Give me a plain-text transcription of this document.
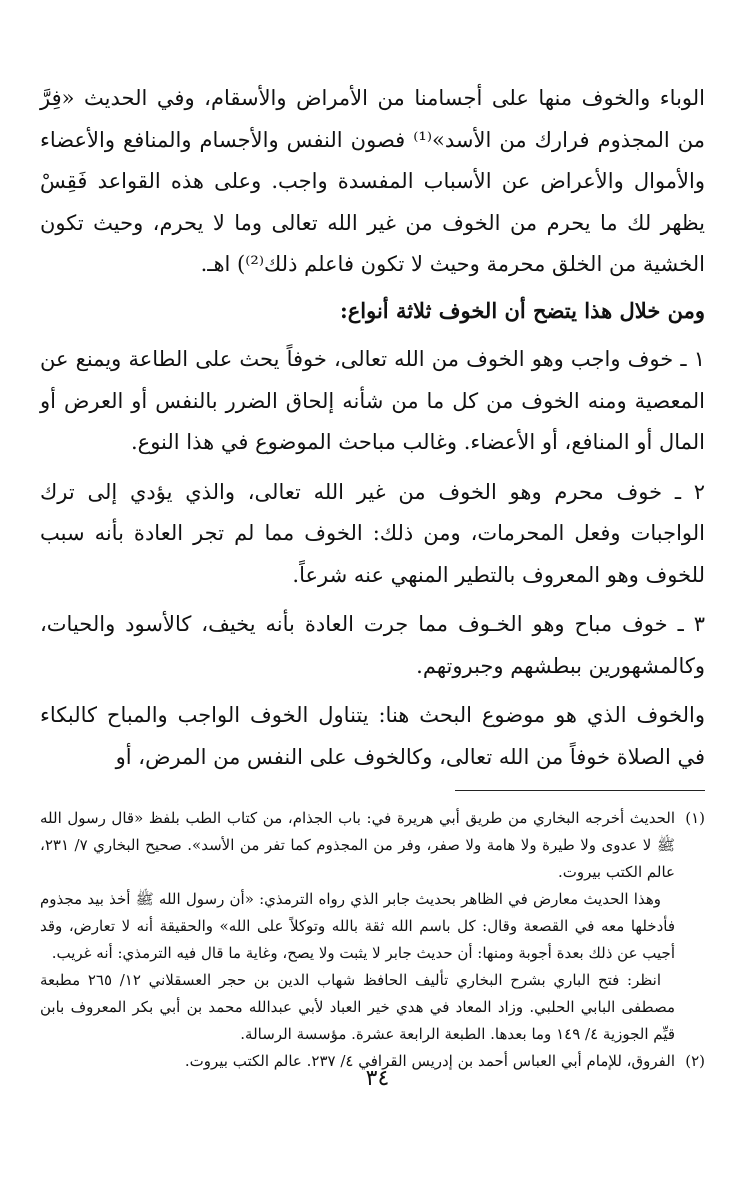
الوباء والخوف منها على أجسامنا من الأمراض والأسقام، وفي الحديث «فِرَّ من المجذوم فرارك من الأسد»⁽¹⁾ فصون النفس والأجسام والمنافع والأعضاء والأموال والأعراض عن الأسباب المفسدة واجب. وعلى هذه القواعد فَقِسْ يظهر لك ما يحرم من الخوف من غير الله تعالى وما لا يحرم، وحيث تكون الخشية من الخلق محرمة وحيث لا تكون فاعلم ذلك⁽²⁾) اهـ.

ومن خلال هذا يتضح أن الخوف ثلاثة أنواع:

١ ـ خوف واجب وهو الخوف من الله تعالى، خوفاً يحث على الطاعة ويمنع عن المعصية ومنه الخوف من كل ما من شأنه إلحاق الضرر بالنفس أو العرض أو المال أو المنافع، أو الأعضاء. وغالب مباحث الموضوع في هذا النوع.

٢ ـ خوف محرم وهو الخوف من غير الله تعالى، والذي يؤدي إلى ترك الواجبات وفعل المحرمات، ومن ذلك: الخوف مما لم تجر العادة بأنه سبب للخوف وهو المعروف بالتطير المنهي عنه شرعاً.

٣ ـ خوف مباح وهو الخـوف مما جرت العادة بأنه يخيف، كالأسود والحيات، وكالمشهورين ببطشهم وجبروتهم.

والخوف الذي هو موضوع البحث هنا: يتناول الخوف الواجب والمباح كالبكاء في الصلاة خوفاً من الله تعالى، وكالخوف على النفس من المرض، أو

(١)

الحديث أخرجه البخاري من طريق أبي هريرة في: باب الجذام، من كتاب الطب بلفظ «قال رسول الله ﷺ لا عدوى ولا طيرة ولا هامة ولا صفر، وفر من المجذوم كما تفر من الأسد». صحيح البخاري ٧/ ٢٣١، عالم الكتب بيروت.

وهذا الحديث معارض في الظاهر بحديث جابر الذي رواه الترمذي: «أن رسول الله ﷺ أخذ بيد مجذوم فأدخلها معه في القصعة وقال: كل باسم الله ثقة بالله وتوكلاً على الله» والحقيقة أنه لا تعارض، وقد أجيب عن ذلك بعدة أجوبة ومنها: أن حديث جابر لا يثبت ولا يصح، وغاية ما قال فيه الترمذي: أنه غريب.

انظر: فتح الباري بشرح البخاري تأليف الحافظ شهاب الدين بن حجر العسقلاني ١٢/ ٢٦٥ مطبعة مصطفى البابي الحلبي. وزاد المعاد في هدي خير العباد لأبي عبدالله محمد بن أبي بكر المعروف بابن قيِّم الجوزية ٤/ ١٤٩ وما بعدها. الطبعة الرابعة عشرة. مؤسسة الرسالة.

(٢)

الفروق، للإمام أبي العباس أحمد بن إدريس القرافي ٤/ ٢٣٧. عالم الكتب بيروت.

٣٤
